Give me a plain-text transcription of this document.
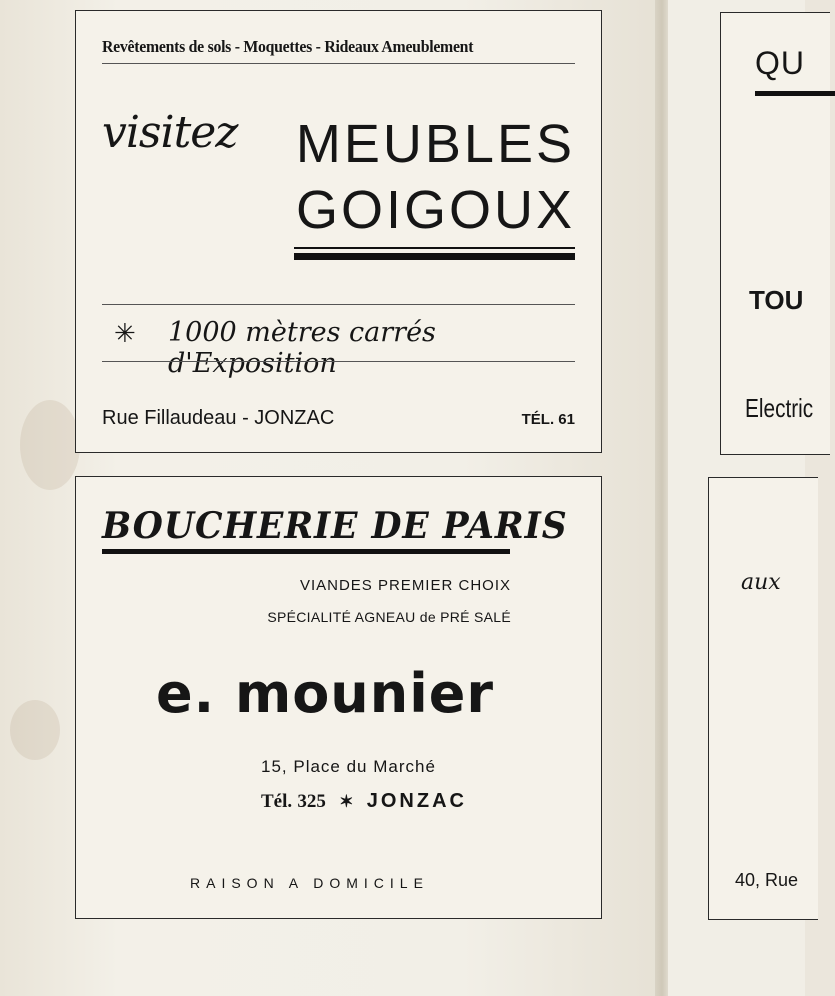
Revêtements de sols - Moquettes - Rideaux Ameublement
visitez MEUBLES
GOIGOUX
✳ 1000 mètres carrés d'Exposition
Rue Fillaudeau - JONZAC	TÉL. 61
BOUCHERIE DE PARIS
VIANDES PREMIER CHOIX
SPÉCIALITÉ AGNEAU de PRÉ SALÉ
e. mounier
15, Place du Marché
Tél. 325 ✶ JONZAC
RAISON A DOMICILE
QU
TOU
Electric
aux
40, Rue
